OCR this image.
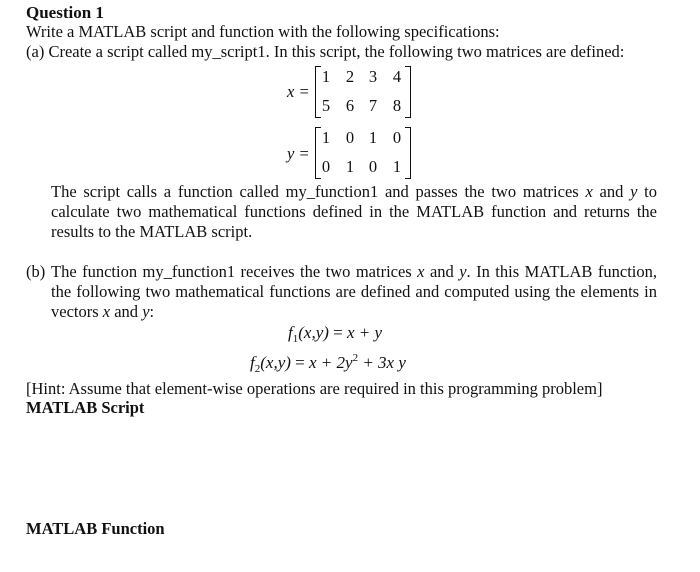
Question 1
Write a MATLAB script and function with the following specifications:
(a) Create a script called my_script1. In this script, the following two matrices are defined:
x =
1 2 3 4
5 6 7 8
y =
1 0 1 0
0 1 0 1
The script calls a function called my_function1 and passes the two matrices x and y to calculate two mathematical functions defined in the MATLAB function and returns the results to the MATLAB script.
(b) The function my_function1 receives the two matrices x and y. In this MATLAB function, the following two mathematical functions are defined and computed using the elements in vectors x and y:
$f_1(x,y) = x + y$
$f_2(x,y) = x + 2y^2 + 3x$ y
[Hint: Assume that element-wise operations are required in this programming problem]
MATLAB Script
MATLAB Function
